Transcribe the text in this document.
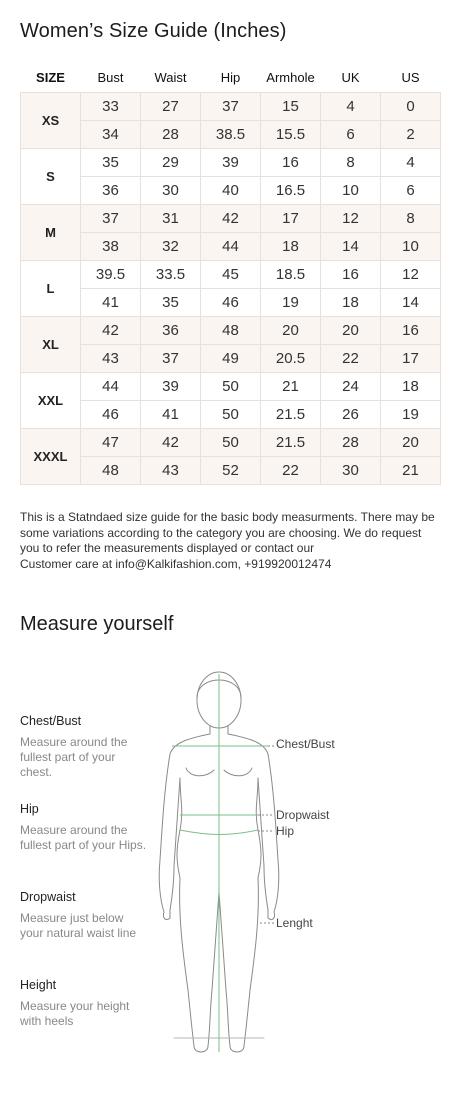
Women’s Size Guide (Inches)
SIZE	Bust	Waist	Hip	Armhole	UK	US
XS	33	27	37	15	4	0
	34	28	38.5	15.5	6	2
S	35	29	39	16	8	4
	36	30	40	16.5	10	6
M	37	31	42	17	12	8
	38	32	44	18	14	10
L	39.5	33.5	45	18.5	16	12
	41	35	46	19	18	14
XL	42	36	48	20	20	16
	43	37	49	20.5	22	17
XXL	44	39	50	21	24	18
	46	41	50	21.5	26	19
XXXL	47	42	50	21.5	28	20
	48	43	52	22	30	21

This is a Statndaed size guide for the basic body measurments. There may be some variations according to the category you are choosing. We do request you to refer the measurements displayed or contact our

Customer care at info@Kalkifashion.com, +919920012474

Measure yourself
Chest/Bust
Measure around the fullest part of your chest.
Hip
Measure around the fullest part of your Hips.
Dropwaist
Measure just below your natural waist line
Height
Measure your height with heels
Chest/Bust
Dropwaist
Hip
Lenght
